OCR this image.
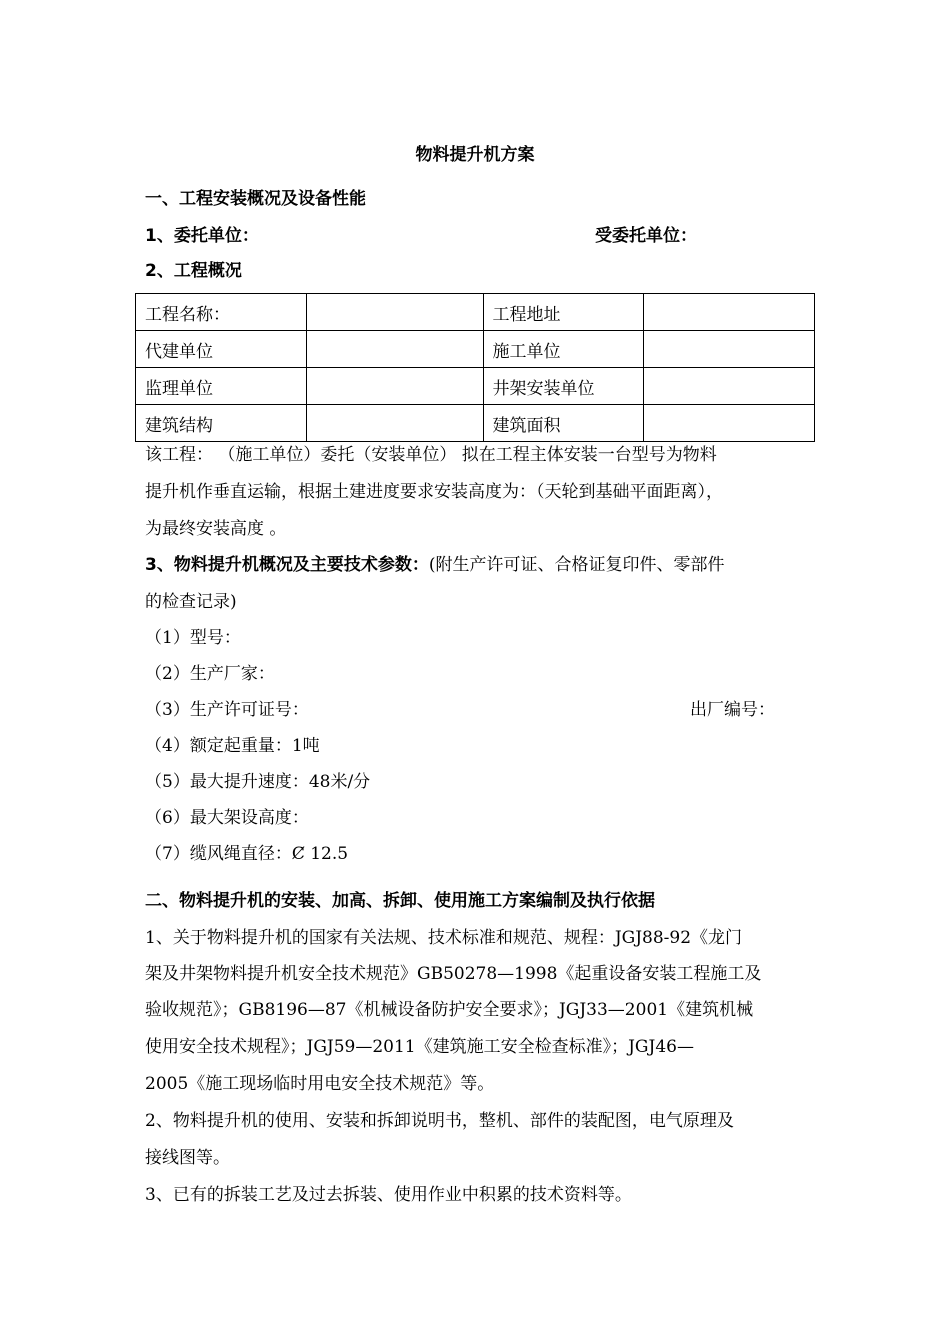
物料提升机方案
一、工程安装概况及设备性能
1、委托单位：	受委托单位：
2、工程概况
工程名称：		工程地址	
代建单位		施工单位	
监理单位		井架安装单位	
建筑结构		建筑面积	
该工程： （施工单位）委托（安装单位） 拟在工程主体安装一台型号为物料
提升机作垂直运输，根据土建进度要求安装高度为：（天轮到基础平面距离），
为最终安装高度 。
3、物料提升机概况及主要技术参数：(附生产许可证、合格证复印件、零部件
的检查记录)
（1）型号：
（2）生产厂家：
（3）生产许可证号：	出厂编号：
（4）额定起重量：1吨
（5）最大提升速度：48米/分
（6）最大架设高度：
（7）缆风绳直径：Ȼ 12.5
二、物料提升机的安装、加高、拆卸、使用施工方案编制及执行依据
1、关于物料提升机的国家有关法规、技术标准和规范、规程：JGJ88-92《龙门
架及井架物料提升机安全技术规范》GB50278—1998《起重设备安装工程施工及
验收规范》；GB8196—87《机械设备防护安全要求》；JGJ33—2001《建筑机械
使用安全技术规程》；JGJ59—2011《建筑施工安全检查标准》；JGJ46—
2005《施工现场临时用电安全技术规范》等。
2、物料提升机的使用、安装和拆卸说明书，整机、部件的装配图，电气原理及
接线图等。
3、已有的拆装工艺及过去拆装、使用作业中积累的技术资料等。
